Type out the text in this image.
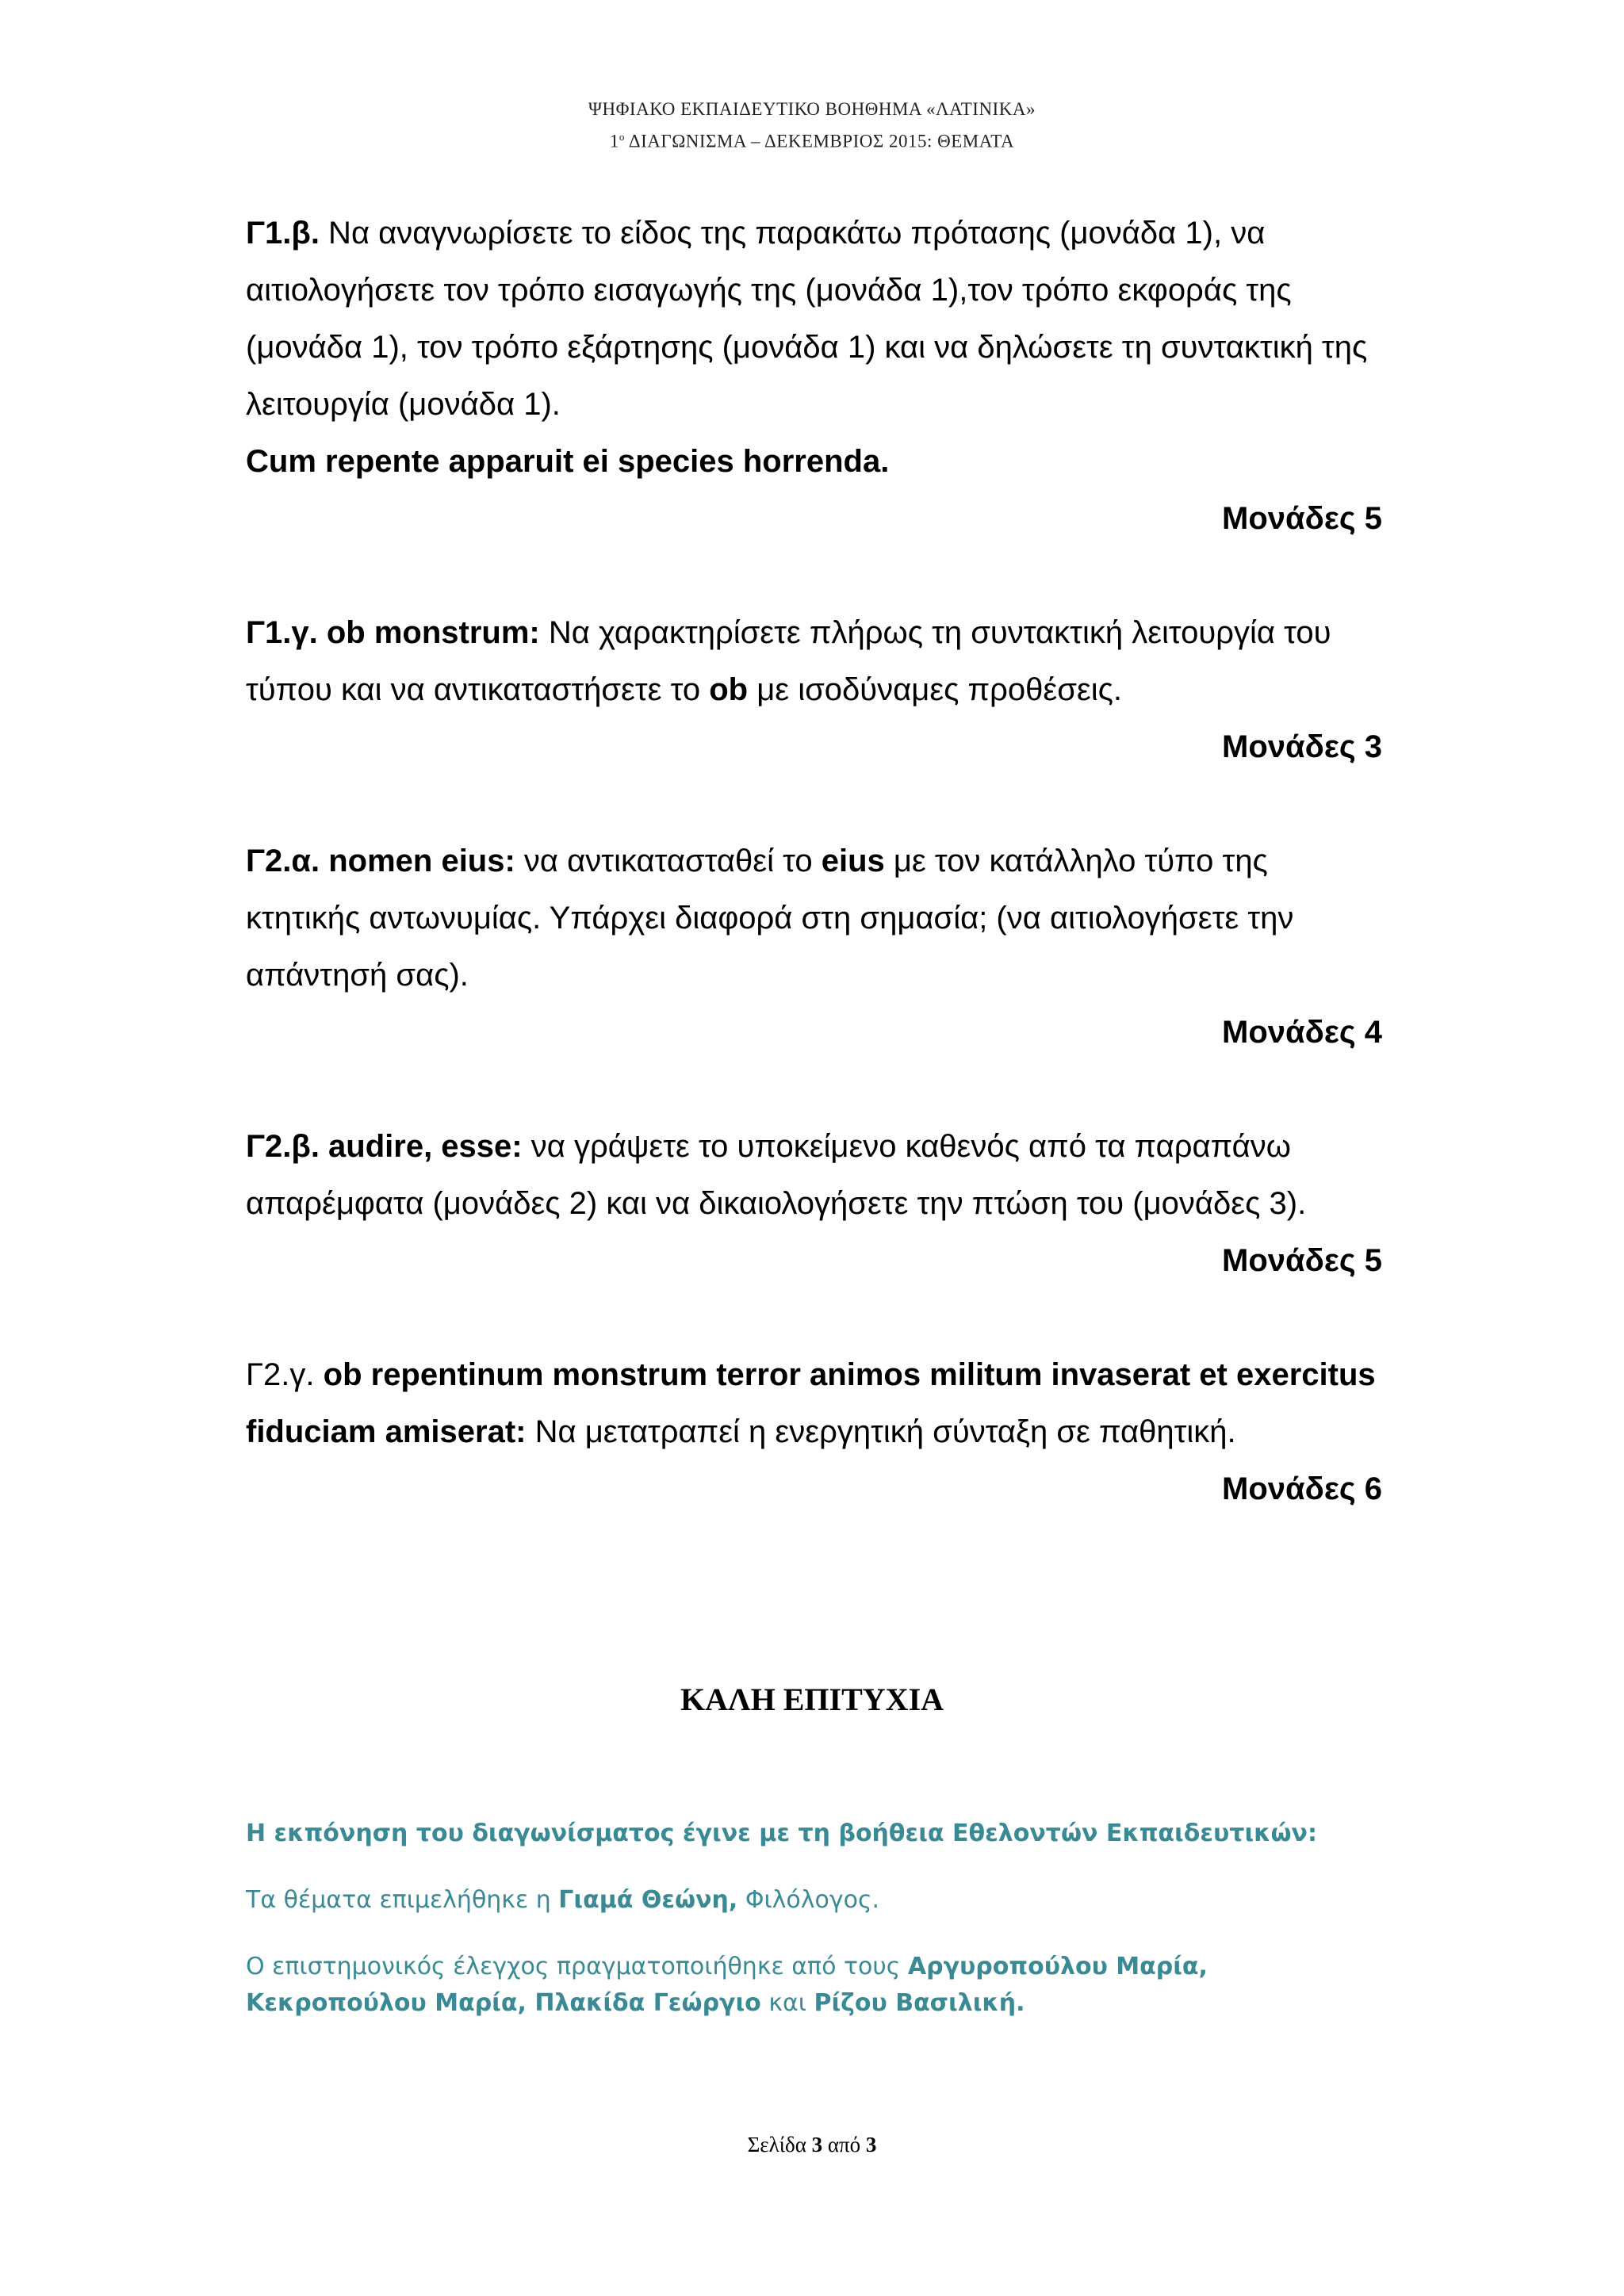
ΨΗΦΙΑΚΟ ΕΚΠΑΙΔΕΥΤΙΚΟ ΒΟΗΘΗΜΑ «ΛΑΤΙΝΙΚΑ»
$1^o$ ΔΙΑΓΩΝΙΣΜΑ – ΔΕΚΕΜΒΡΙΟΣ 2015: ΘΕΜΑΤΑ
Γ1.β. Να αναγνωρίσετε το είδος της παρακάτω πρότασης (μονάδα 1), να αιτιολογήσετε τον τρόπο εισαγωγής της (μονάδα 1),τον τρόπο εκφοράς της (μονάδα 1), τον τρόπο εξάρτησης (μονάδα 1) και να δηλώσετε τη συντακτική της λειτουργία (μονάδα 1).
Cum repente apparuit ei species horrenda.
Μονάδες 5
Γ1.γ. ob monstrum: Να χαρακτηρίσετε πλήρως τη συντακτική λειτουργία του τύπου και να αντικαταστήσετε το ob με ισοδύναμες προθέσεις.
Μονάδες 3
Γ2.α. nomen eius: να αντικατασταθεί το eius με τον κατάλληλο τύπο της κτητικής αντωνυμίας. Υπάρχει διαφορά στη σημασία; (να αιτιολογήσετε την απάντησή σας).
Μονάδες 4
Γ2.β. audire, esse: να γράψετε το υποκείμενο καθενός από τα παραπάνω απαρέμφατα (μονάδες 2) και να δικαιολογήσετε την πτώση του (μονάδες 3).
Μονάδες 5
Γ2.γ. ob repentinum monstrum terror animos militum invaserat et exercitus fiduciam amiserat: Να μετατραπεί η ενεργητική σύνταξη σε παθητική.
Μονάδες 6
ΚΑΛΗ ΕΠΙΤΥΧΙΑ

Η εκπόνηση του διαγωνίσματος έγινε με τη βοήθεια Εθελοντών Εκπαιδευτικών:

Τα θέματα επιμελήθηκε η Γιαμά Θεώνη, Φιλόλογος.

Ο επιστημονικός έλεγχος πραγματοποιήθηκε από τους Αργυροπούλου Μαρία, Κεκροπούλου Μαρία, Πλακίδα Γεώργιο και Ρίζου Βασιλική.

Σελίδα 3 από 3
